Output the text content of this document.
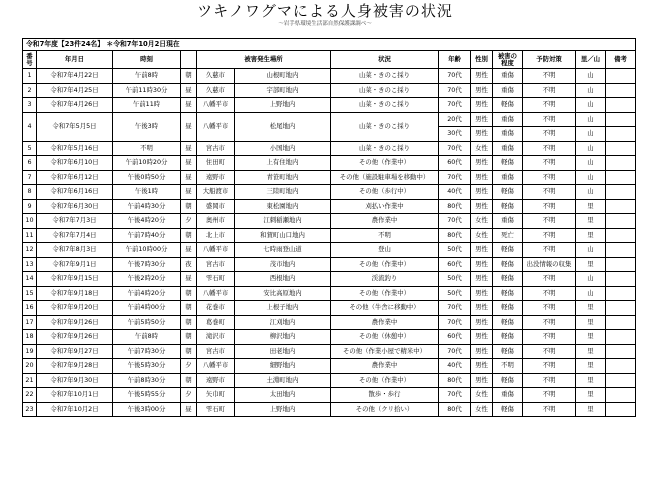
ツキノワグマによる人身被害の状況
～岩手県環境生活部自然保護課調べ～
令和7年度【23件24名】 ＊令和7年10月2日現在												

番
号	年月日	時刻		被害発生場所		状況	年齢	性別	被害の
程度	予防対策	里／山	備考
1	令和7年4月22日	午前8時	朝	久慈市	山根町地内	山菜・きのこ採り	70代	男性	重傷	不明	山	
2	令和7年4月25日	午前11時30分	昼	久慈市	宇部町地内	山菜・きのこ採り	70代	男性	重傷	不明	山	
3	令和7年4月26日	午前11時	昼	八幡平市	上野地内	山菜・きのこ採り	70代	男性	軽傷	不明	山	
4	令和7年5月5日	午後3時	昼	八幡平市	松尾地内	山菜・きのこ採り	20代	男性	重傷	不明	山	
							30代	男性	重傷	不明	山	
5	令和7年5月16日	不明	昼	宮古市	小国地内	山菜・きのこ採り	70代	女性	重傷	不明	山	
6	令和7年6月10日	午前10時20分	昼	住田町	上有住地内	その他（作業中）	60代	男性	軽傷	不明	山	
7	令和7年6月12日	午後0時50分	昼	遠野市	青笹町地内	その他（施設駐車場を移動中）	70代	男性	重傷	不明	山	
8	令和7年6月16日	午後1時	昼	大船渡市	三陸町地内	その他（歩行中）	40代	男性	軽傷	不明	山	
9	令和7年6月30日	午前4時30分	朝	盛岡市	東松園地内	刈払い作業中	80代	男性	軽傷	不明	里	
10	令和7年7月3日	午後4時20分	夕	奥州市	江刺稲瀬地内	農作業中	70代	女性	重傷	不明	里	
11	令和7年7月4日	午前7時40分	朝	北上市	和賀町山口地内	不明	80代	女性	死亡	不明	里	
12	令和7年8月3日	午前10時00分	昼	八幡平市	七時雨登山道	登山	50代	男性	軽傷	不明	山	
13	令和7年9月1日	午後7時30分	夜	宮古市	茂市地内	その他（作業中）	60代	男性	軽傷	出没情報の収集	里	
14	令和7年9月15日	午後2時20分	昼	雫石町	西根地内	渓流釣り	50代	男性	軽傷	不明	山	
15	令和7年9月18日	午前4時20分	朝	八幡平市	安比高原地内	その他（作業中）	50代	男性	軽傷	不明	山	
16	令和7年9月20日	午前4時00分	朝	花巻市	上根子地内	その他（牛舎に移動中）	70代	男性	軽傷	不明	里	
17	令和7年9月26日	午前5時50分	朝	葛巻町	江刈地内	農作業中	70代	男性	軽傷	不明	里	
18	令和7年9月26日	午前8時	朝	滝沢市	柳沢地内	その他（休憩中）	60代	男性	軽傷	不明	里	
19	令和7年9月27日	午前7時30分	朝	宮古市	田老地内	その他（作業小屋で精米中）	70代	男性	軽傷	不明	里	
20	令和7年9月28日	午後5時30分	夕	八幡平市	細野地内	農作業中	40代	男性	不明	不明	里	
21	令和7年9月30日	午前8時30分	朝	遠野市	土淵町地内	その他（作業中）	80代	男性	軽傷	不明	里	
22	令和7年10月1日	午後5時55分	夕	矢巾町	太田地内	散歩・歩行	70代	女性	重傷	不明	里	
23	令和7年10月2日	午後3時00分	昼	雫石町	上野地内	その他（クリ拾い）	80代	女性	軽傷	不明	里	
